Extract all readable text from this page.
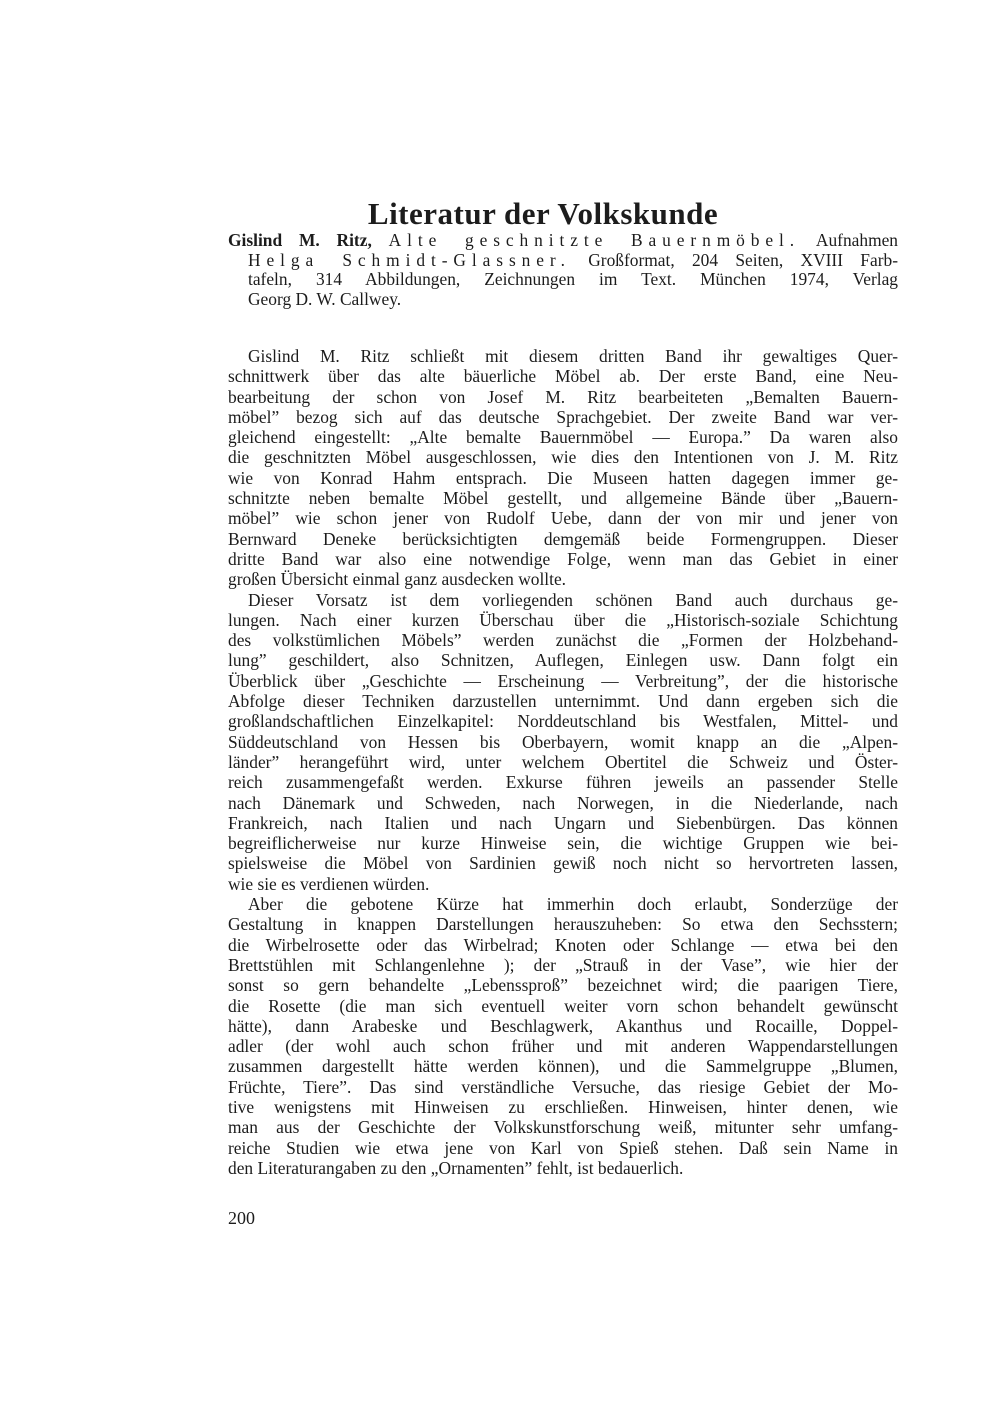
Literatur der Volkskunde
Gislind M. Ritz, Alte geschnitzte Bauernmöbel. Aufnahmen
Helga Schmidt-Glassner. Großformat, 204 Seiten, XVIII Farb-
tafeln, 314 Abbildungen, Zeichnungen im Text. München 1974, Verlag
Georg D. W. Callwey.
Gislind M. Ritz schließt mit diesem dritten Band ihr gewaltiges Quer-
schnittwerk über das alte bäuerliche Möbel ab. Der erste Band, eine Neu-
bearbeitung der schon von Josef M. Ritz bearbeiteten „Bemalten Bauern-
möbel” bezog sich auf das deutsche Sprachgebiet. Der zweite Band war ver-
gleichend eingestellt: „Alte bemalte Bauernmöbel — Europa.” Da waren also
die geschnitzten Möbel ausgeschlossen, wie dies den Intentionen von J. M. Ritz
wie von Konrad Hahm entsprach. Die Museen hatten dagegen immer ge-
schnitzte neben bemalte Möbel gestellt, und allgemeine Bände über „Bauern-
möbel” wie schon jener von Rudolf Uebe, dann der von mir und jener von
Bernward Deneke berücksichtigten demgemäß beide Formengruppen. Dieser
dritte Band war also eine notwendige Folge, wenn man das Gebiet in einer
großen Übersicht einmal ganz ausdecken wollte.
Dieser Vorsatz ist dem vorliegenden schönen Band auch durchaus ge-
lungen. Nach einer kurzen Überschau über die „Historisch-soziale Schichtung
des volkstümlichen Möbels” werden zunächst die „Formen der Holzbehand-
lung” geschildert, also Schnitzen, Auflegen, Einlegen usw. Dann folgt ein
Überblick über „Geschichte — Erscheinung — Verbreitung”, der die historische
Abfolge dieser Techniken darzustellen unternimmt. Und dann ergeben sich die
großlandschaftlichen Einzelkapitel: Norddeutschland bis Westfalen, Mittel- und
Süddeutschland von Hessen bis Oberbayern, womit knapp an die „Alpen-
länder” herangeführt wird, unter welchem Obertitel die Schweiz und Öster-
reich zusammengefaßt werden. Exkurse führen jeweils an passender Stelle
nach Dänemark und Schweden, nach Norwegen, in die Niederlande, nach
Frankreich, nach Italien und nach Ungarn und Siebenbürgen. Das können
begreiflicherweise nur kurze Hinweise sein, die wichtige Gruppen wie bei-
spielsweise die Möbel von Sardinien gewiß noch nicht so hervortreten lassen,
wie sie es verdienen würden.
Aber die gebotene Kürze hat immerhin doch erlaubt, Sonderzüge der
Gestaltung in knappen Darstellungen herauszuheben: So etwa den Sechsstern;
die Wirbelrosette oder das Wirbelrad; Knoten oder Schlange — etwa bei den
Brettstühlen mit Schlangenlehne ); der „Strauß in der Vase”, wie hier der
sonst so gern behandelte „Lebenssproß” bezeichnet wird; die paarigen Tiere,
die Rosette (die man sich eventuell weiter vorn schon behandelt gewünscht
hätte), dann Arabeske und Beschlagwerk, Akanthus und Rocaille, Doppel-
adler (der wohl auch schon früher und mit anderen Wappendarstellungen
zusammen dargestellt hätte werden können), und die Sammelgruppe „Blumen,
Früchte, Tiere”. Das sind verständliche Versuche, das riesige Gebiet der Mo-
tive wenigstens mit Hinweisen zu erschließen. Hinweisen, hinter denen, wie
man aus der Geschichte der Volkskunstforschung weiß, mitunter sehr umfang-
reiche Studien wie etwa jene von Karl von Spieß stehen. Daß sein Name in
den Literaturangaben zu den „Ornamenten” fehlt, ist bedauerlich.
200
